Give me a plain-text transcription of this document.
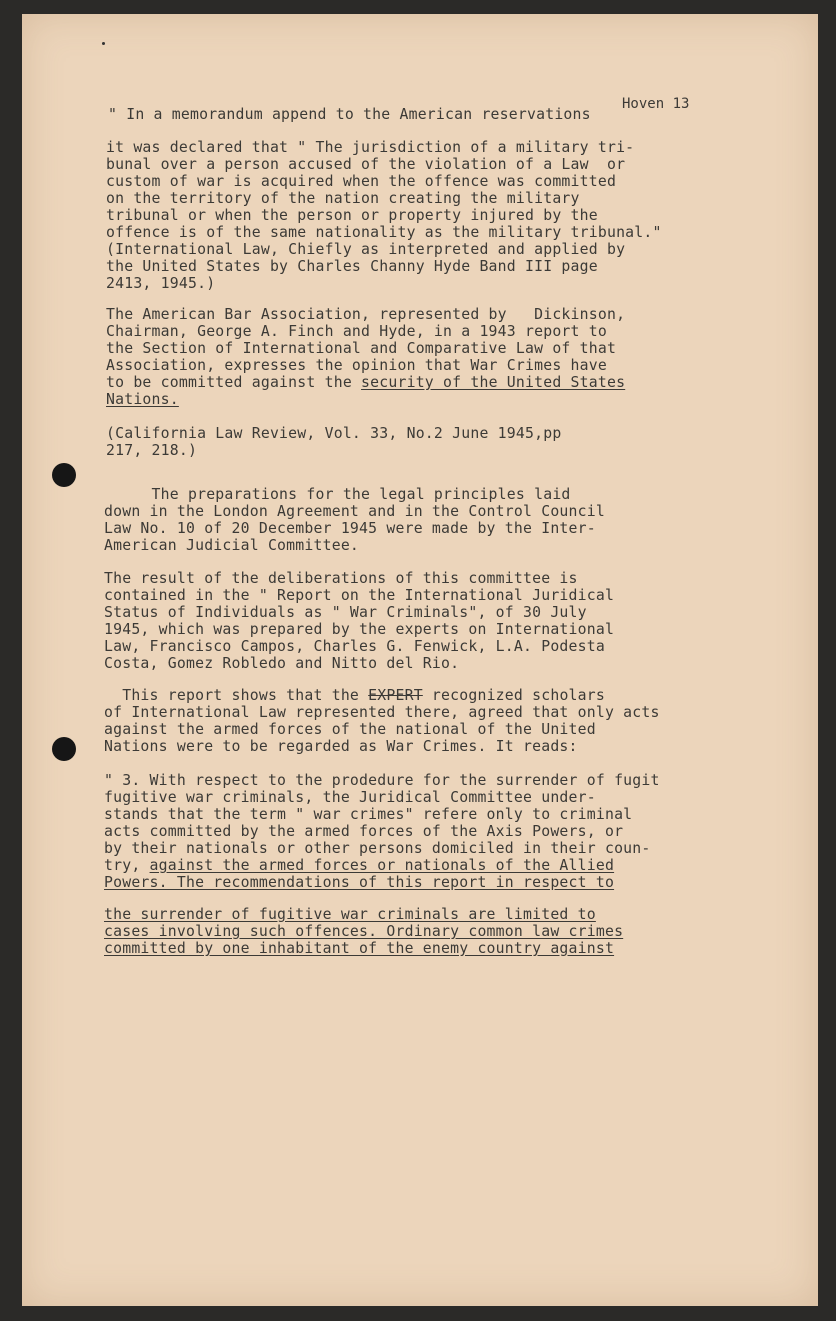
Hoven 13
" In a memorandum append to the American reservations
it was declared that " The jurisdiction of a military tri-
bunal over a person accused of the violation of a Law  or
custom of war is acquired when the offence was committed
on the territory of the nation creating the military
tribunal or when the person or property injured by the
offence is of the same nationality as the military tribunal."
(International Law, Chiefly as interpreted and applied by
the United States by Charles Channy Hyde Band III page
2413, 1945.)
The American Bar Association, represented by   Dickinson,
Chairman, George A. Finch and Hyde, in a 1943 report to
the Section of International and Comparative Law of that
Association, expresses the opinion that War Crimes have
to be committed against the security of the United States
Nations.
(California Law Review, Vol. 33, No.2 June 1945,pp
217, 218.)
The preparations for the legal principles laid
down in the London Agreement and in the Control Council
Law No. 10 of 20 December 1945 were made by the Inter-
American Judicial Committee.
The result of the deliberations of this committee is
contained in the " Report on the International Juridical
Status of Individuals as " War Criminals", of 30 July
1945, which was prepared by the experts on International
Law, Francisco Campos, Charles G. Fenwick, L.A. Podesta
Costa, Gomez Robledo and Nitto del Rio.
This report shows that the EXPERT recognized scholars
of International Law represented there, agreed that only acts
against the armed forces of the national of the United
Nations were to be regarded as War Crimes. It reads:
" 3. With respect to the prodedure for the surrender of fugit
fugitive war criminals, the Juridical Committee under-
stands that the term " war crimes" refere only to criminal
acts committed by the armed forces of the Axis Powers, or
by their nationals or other persons domiciled in their coun-
try, against the armed forces or nationals of the Allied
Powers. The recommendations of this report in respect to
the surrender of fugitive war criminals are limited to
cases involving such offences. Ordinary common law crimes
committed by one inhabitant of the enemy country against
